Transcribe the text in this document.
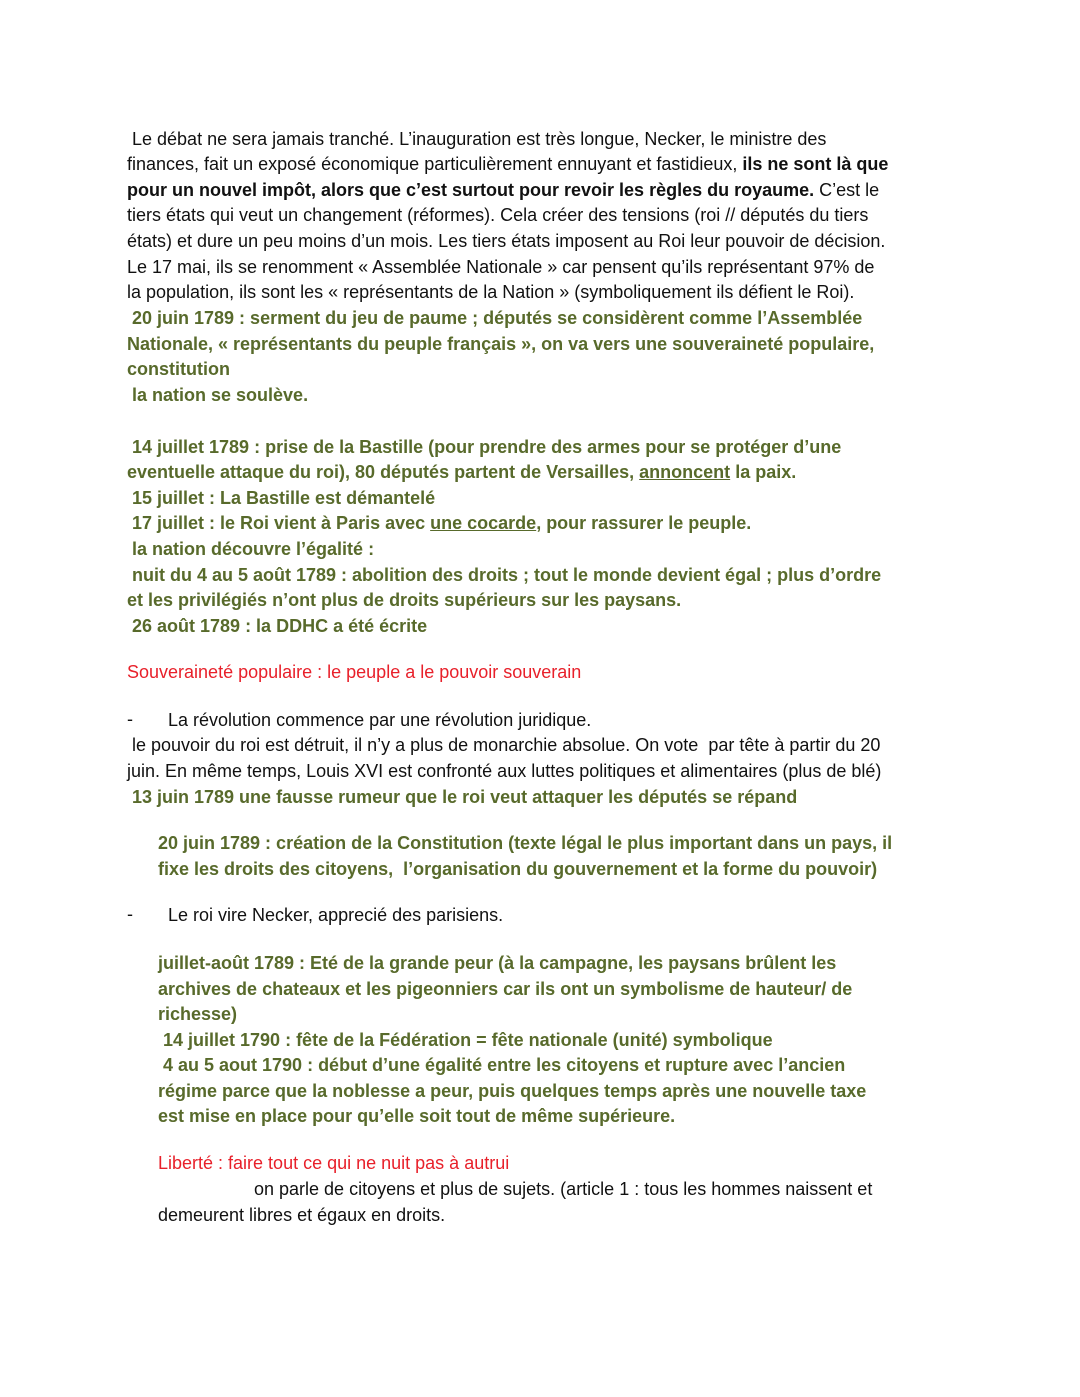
Le débat ne sera jamais tranché. L’inauguration est très longue, Necker, le ministre des
finances, fait un exposé économique particulièrement ennuyant et fastidieux, ils ne sont là que
pour un nouvel impôt, alors que c’est surtout pour revoir les règles du royaume. C’est le
tiers états qui veut un changement (réformes). Cela créer des tensions (roi // députés du tiers
états) et dure un peu moins d’un mois. Les tiers états imposent au Roi leur pouvoir de décision.
Le 17 mai, ils se renomment « Assemblée Nationale » car pensent qu’ils représentant 97% de
la population, ils sont les « représentants de la Nation » (symboliquement ils défient le Roi).
20 juin 1789 : serment du jeu de paume ; députés se considèrent comme l’Assemblée
Nationale, « représentants du peuple français », on va vers une souveraineté populaire,
constitution
la nation se soulève.
14 juillet 1789 : prise de la Bastille (pour prendre des armes pour se protéger d’une
eventuelle attaque du roi), 80 députés partent de Versailles, annoncent la paix.
15 juillet : La Bastille est démantelé
17 juillet : le Roi vient à Paris avec une cocarde, pour rassurer le peuple.
la nation découvre l’égalité :
nuit du 4 au 5 août 1789 : abolition des droits ; tout le monde devient égal ; plus d’ordre
et les privilégiés n’ont plus de droits supérieurs sur les paysans.
26 août 1789 : la DDHC a été écrite
Souveraineté populaire : le peuple a le pouvoir souverain
La révolution commence par une révolution juridique.
le pouvoir du roi est détruit, il n’y a plus de monarchie absolue. On vote  par tête à partir du 20
juin. En même temps, Louis XVI est confronté aux luttes politiques et alimentaires (plus de blé)
13 juin 1789 une fausse rumeur que le roi veut attaquer les députés se répand
20 juin 1789 : création de la Constitution (texte légal le plus important dans un pays, il
fixe les droits des citoyens,  l’organisation du gouvernement et la forme du pouvoir)
Le roi vire Necker, apprecié des parisiens.
juillet-août 1789 : Eté de la grande peur (à la campagne, les paysans brûlent les
archives de chateaux et les pigeonniers car ils ont un symbolisme de hauteur/ de
richesse)
14 juillet 1790 : fête de la Fédération = fête nationale (unité) symbolique
4 au 5 aout 1790 : début d’une égalité entre les citoyens et rupture avec l’ancien
régime parce que la noblesse a peur, puis quelques temps après une nouvelle taxe
est mise en place pour qu’elle soit tout de même supérieure.
Liberté : faire tout ce qui ne nuit pas à autrui
on parle de citoyens et plus de sujets. (article 1 : tous les hommes naissent et
demeurent libres et égaux en droits.
-
-
